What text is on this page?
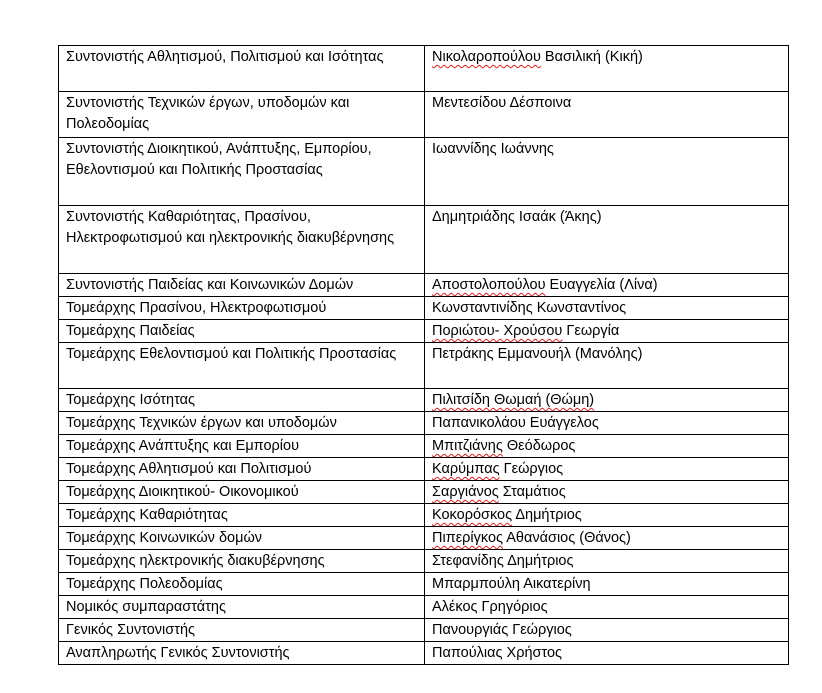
Συντονιστής Αθλητισμού, Πολιτισμού και Ισότητας	Νικολαροπούλου Βασιλική (Κική)
Συντονιστής Τεχνικών έργων, υποδομών και Πολεοδομίας	Μεντεσίδου Δέσποινα
Συντονιστής Διοικητικού, Ανάπτυξης, Εμπορίου, Εθελοντισμού και Πολιτικής Προστασίας	Ιωαννίδης Ιωάννης
Συντονιστής Καθαριότητας, Πρασίνου, Ηλεκτροφωτισμού και ηλεκτρονικής διακυβέρνησης	Δημητριάδης Ισαάκ (Άκης)
Συντονιστής Παιδείας και Κοινωνικών Δομών	Αποστολοπούλου Ευαγγελία (Λίνα)
Τομεάρχης Πρασίνου, Ηλεκτροφωτισμού	Κωνσταντινίδης Κωνσταντίνος
Τομεάρχης Παιδείας	Ποριώτου- Χρούσου Γεωργία
Τομεάρχης Εθελοντισμού και Πολιτικής Προστασίας	Πετράκης Εμμανουήλ (Μανόλης)
Τομεάρχης Ισότητας	Πιλιτσίδη Θωμαή (Θώμη)
Τομεάρχης Τεχνικών έργων και υποδομών	Παπανικολάου Ευάγγελος
Τομεάρχης Ανάπτυξης και Εμπορίου	Μπιτζιάνης Θεόδωρος
Τομεάρχης Αθλητισμού και Πολιτισμού	Καρύμπας Γεώργιος
Τομεάρχης Διοικητικού- Οικονομικού	Σαργιάνος Σταμάτιος
Τομεάρχης Καθαριότητας	Κοκορόσκος Δημήτριος
Τομεάρχης Κοινωνικών δομών	Πιπερίγκος Αθανάσιος (Θάνος)
Τομεάρχης ηλεκτρονικής διακυβέρνησης	Στεφανίδης Δημήτριος
Τομεάρχης Πολεοδομίας	Μπαρμπούλη Αικατερίνη
Νομικός συμπαραστάτης	Αλέκος Γρηγόριος
Γενικός Συντονιστής	Πανουργιάς Γεώργιος
Αναπληρωτής Γενικός Συντονιστής	Παπούλιας Χρήστος
